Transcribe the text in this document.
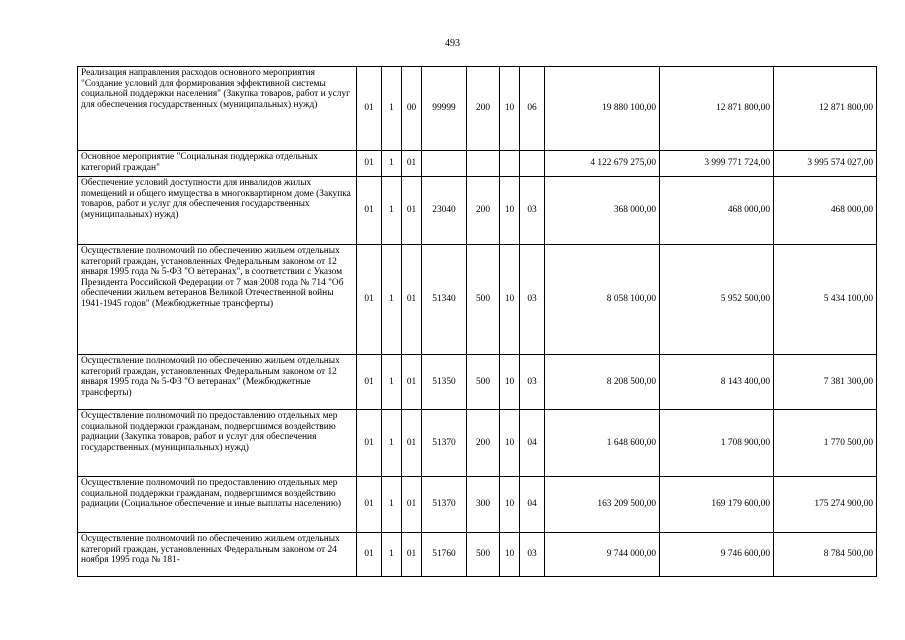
493
Реализация направления расходов основного мероприятия "Создание условий для формирования эффективной системы социальной поддержки населения" (Закупка товаров, работ и услуг для обеспечения государственных (муниципальных) нужд)	01	1	00	99999	200	10	06	19 880 100,00	12 871 800,00	12 871 800,00
Основное мероприятие "Социальная поддержка отдельных категорий граждан"	01	1	01					4 122 679 275,00	3 999 771 724,00	3 995 574 027,00
Обеспечение условий доступности для инвалидов жилых помещений и общего имущества в многоквартирном доме (Закупка товаров, работ и услуг для обеспечения государственных (муниципальных) нужд)	01	1	01	23040	200	10	03	368 000,00	468 000,00	468 000,00
Осуществление полномочий по обеспечению жильем отдельных категорий граждан, установленных Федеральным законом от 12 января 1995 года № 5-ФЗ "О ветеранах", в соответствии с Указом Президента Российской Федерации от 7 мая 2008 года № 714 "Об обеспечении жильем ветеранов Великой Отечественной войны 1941-1945 годов" (Межбюджетные трансферты)	01	1	01	51340	500	10	03	8 058 100,00	5 952 500,00	5 434 100,00
Осуществление полномочий по обеспечению жильем отдельных категорий граждан, установленных Федеральным законом от 12 января 1995 года № 5-ФЗ "О ветеранах" (Межбюджетные трансферты)	01	1	01	51350	500	10	03	8 208 500,00	8 143 400,00	7 381 300,00
Осуществление полномочий по предоставлению отдельных мер социальной поддержки гражданам, подвергшимся воздействию радиации (Закупка товаров, работ и услуг для обеспечения государственных (муниципальных) нужд)	01	1	01	51370	200	10	04	1 648 600,00	1 708 900,00	1 770 500,00
Осуществление полномочий по предоставлению отдельных мер социальной поддержки гражданам, подвергшимся воздействию радиации (Социальное обеспечение и иные выплаты населению)	01	1	01	51370	300	10	04	163 209 500,00	169 179 600,00	175 274 900,00
Осуществление полномочий по обеспечению жильем отдельных категорий граждан, установленных Федеральным законом от 24 ноября 1995 года № 181-	01	1	01	51760	500	10	03	9 744 000,00	9 746 600,00	8 784 500,00
